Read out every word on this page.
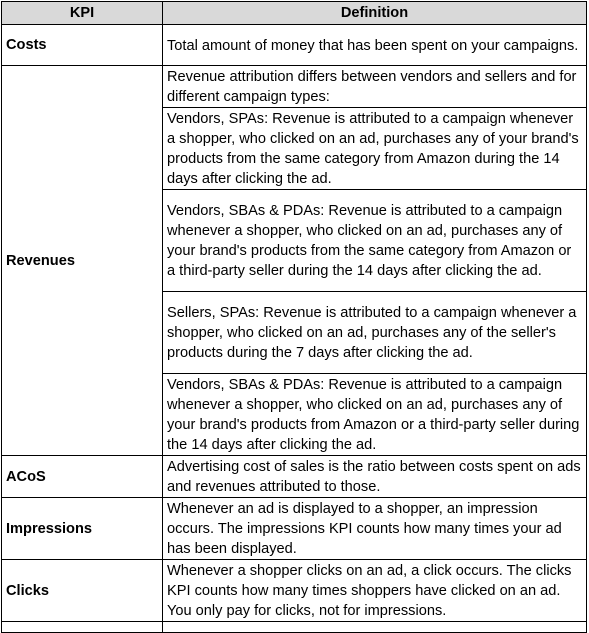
KPI	Definition
Costs	Total amount of money that has been spent on your campaigns.
Revenues	Revenue attribution differs between vendors and sellers and for different campaign types:
	Vendors, SPAs: Revenue is attributed to a campaign whenever a shopper, who clicked on an ad, purchases any of your brand's products from the same category from Amazon during the 14 days after clicking the ad.
	Vendors, SBAs & PDAs: Revenue is attributed to a campaign whenever a shopper, who clicked on an ad, purchases any of your brand's products from the same category from Amazon or a third-party seller during the 14 days after clicking the ad.
	Sellers, SPAs: Revenue is attributed to a campaign whenever a shopper, who clicked on an ad, purchases any of the seller's products during the 7 days after clicking the ad.
	Vendors, SBAs & PDAs: Revenue is attributed to a campaign whenever a shopper, who clicked on an ad, purchases any of your brand's products from Amazon or a third-party seller during the 14 days after clicking the ad.
ACoS	Advertising cost of sales is the ratio between costs spent on ads and revenues attributed to those.
Impressions	Whenever an ad is displayed to a shopper, an impression occurs. The impressions KPI counts how many times your ad has been displayed.
Clicks	Whenever a shopper clicks on an ad, a click occurs. The clicks KPI counts how many times shoppers have clicked on an ad. You only pay for clicks, not for impressions.
